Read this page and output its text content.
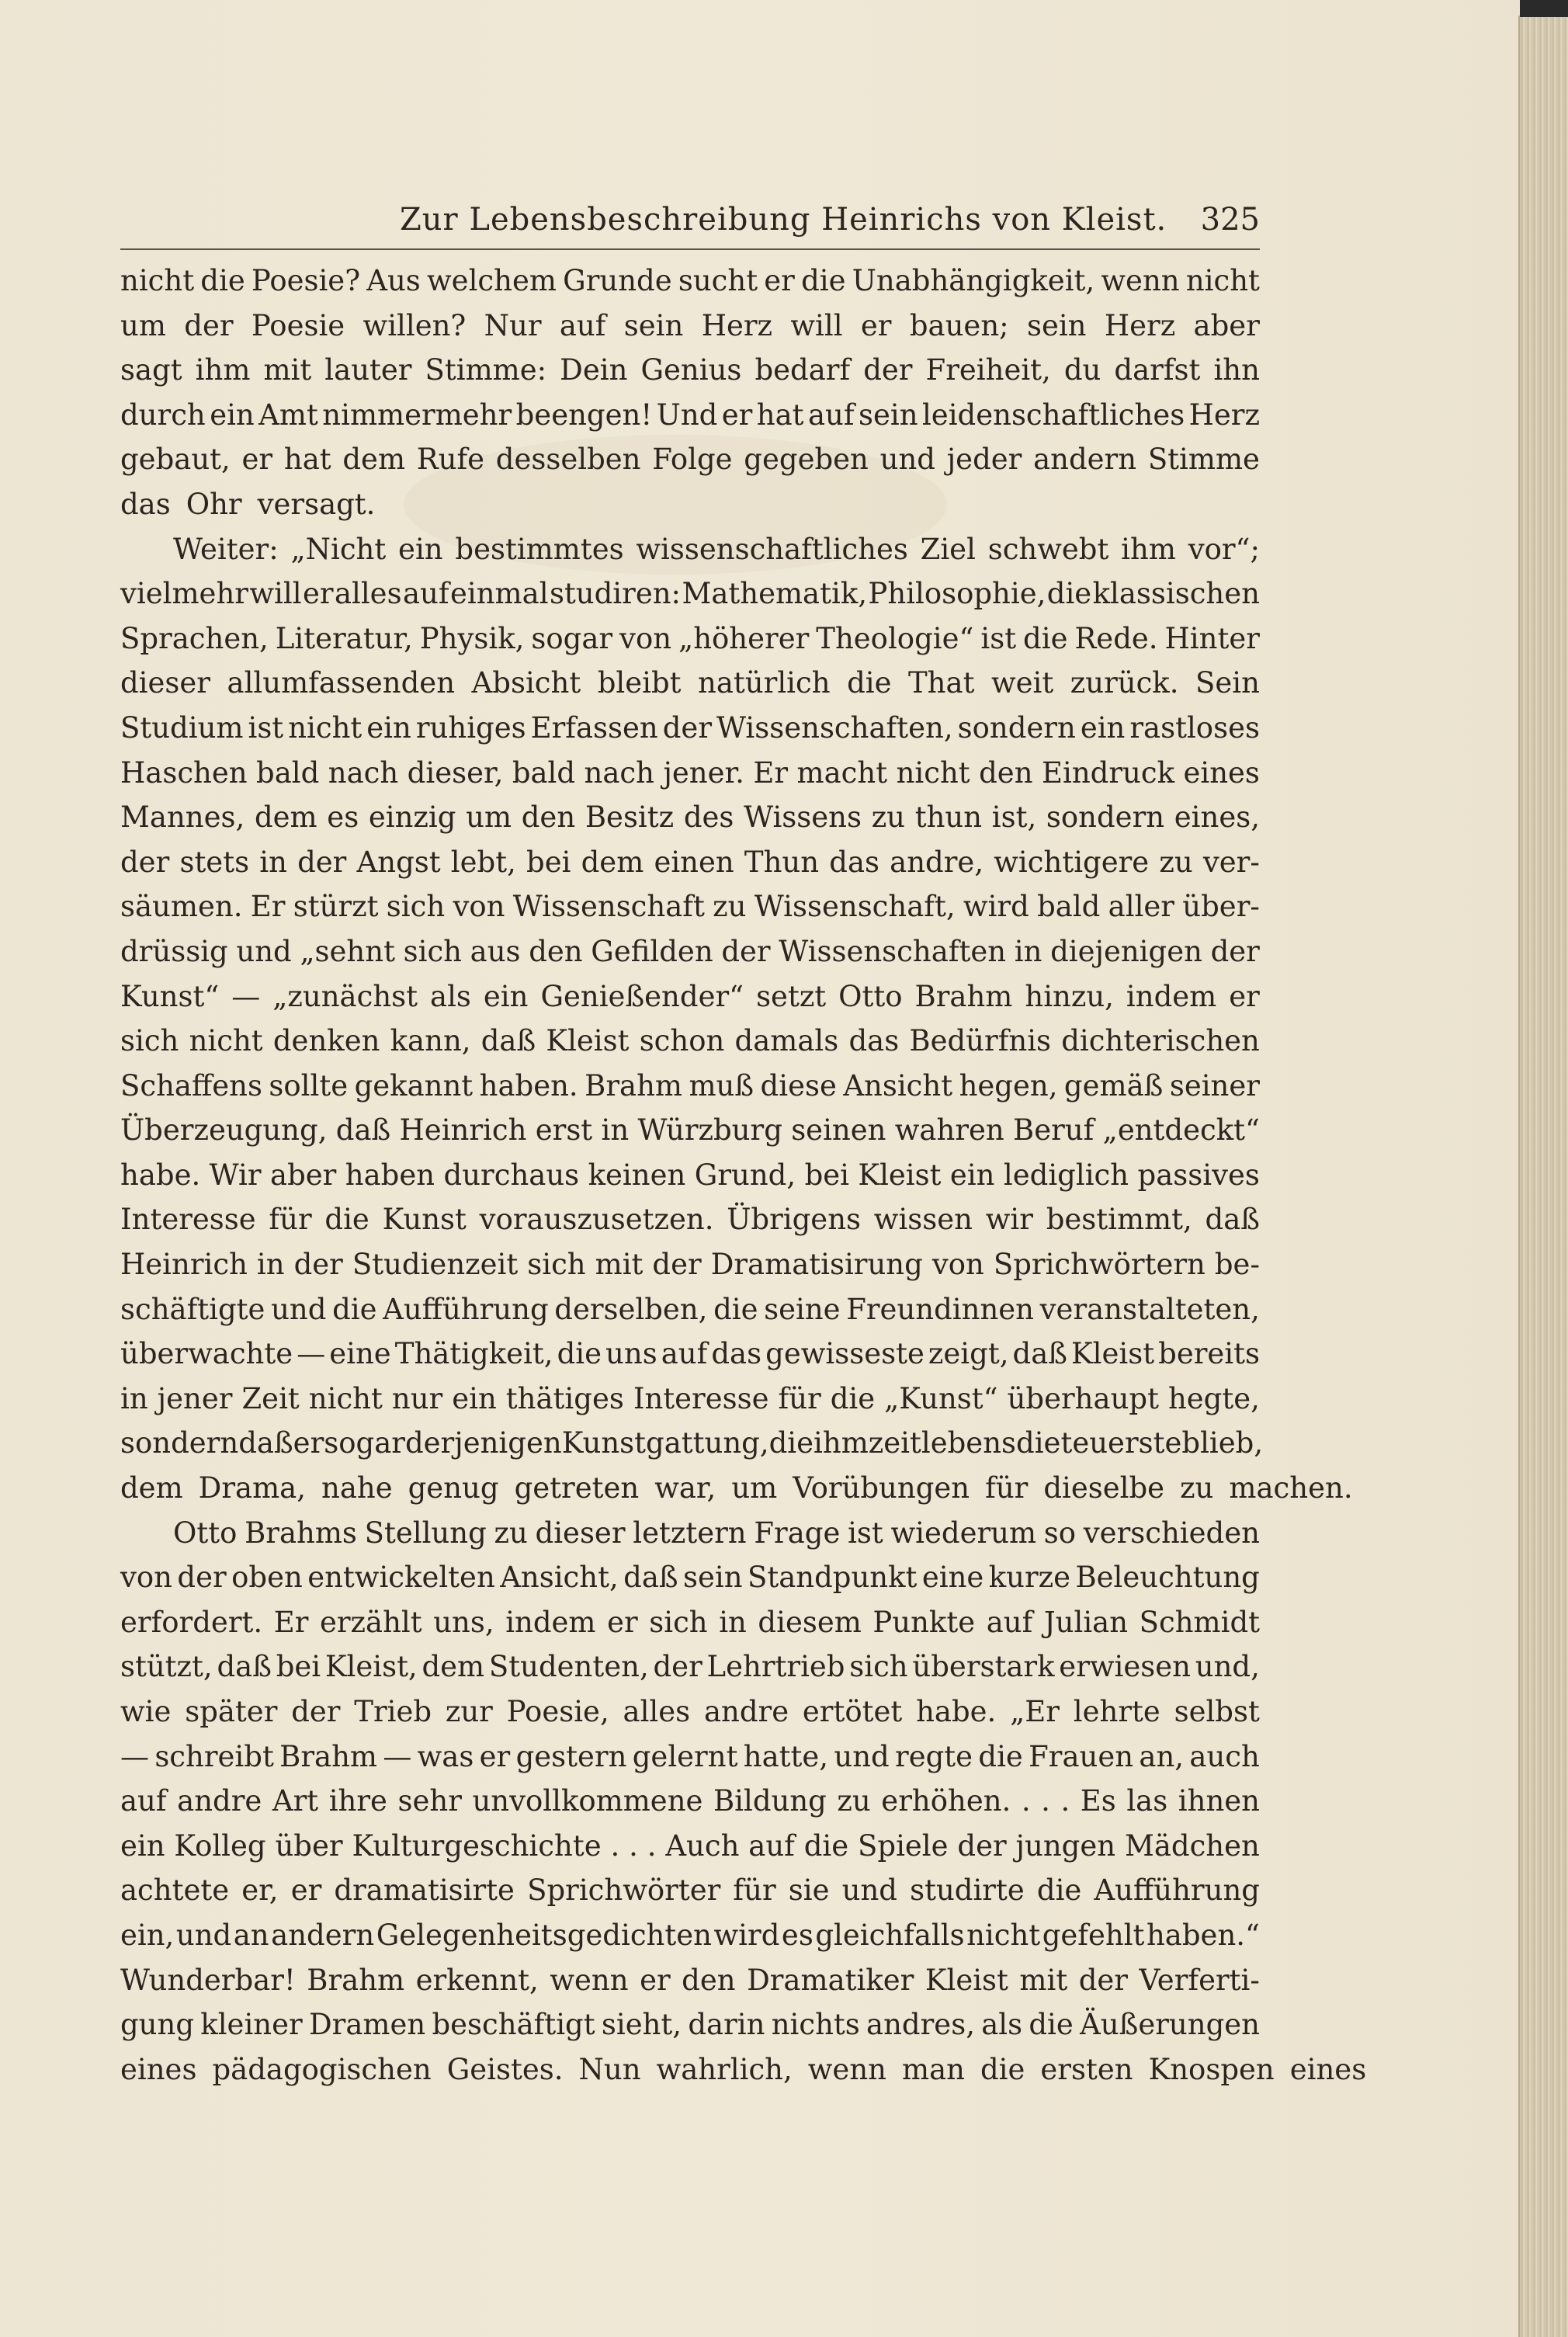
Zur Lebensbeschreibung Heinrichs von Kleist. 325
nicht die Poesie? Aus welchem Grunde sucht er die Unabhängigkeit, wenn nicht
um der Poesie willen? Nur auf sein Herz will er bauen; sein Herz aber
sagt ihm mit lauter Stimme: Dein Genius bedarf der Freiheit, du darfst ihn
durch ein Amt nimmermehr beengen! Und er hat auf sein leidenschaftliches Herz
gebaut, er hat dem Rufe desselben Folge gegeben und jeder andern Stimme
das Ohr versagt.
Weiter: „Nicht ein bestimmtes wissenschaftliches Ziel schwebt ihm vor“;
vielmehr will er alles auf einmal studiren: Mathematik, Philosophie, die klassischen
Sprachen, Literatur, Physik, sogar von „höherer Theologie“ ist die Rede. Hinter
dieser allumfassenden Absicht bleibt natürlich die That weit zurück. Sein
Studium ist nicht ein ruhiges Erfassen der Wissenschaften, sondern ein rastloses
Haschen bald nach dieser, bald nach jener. Er macht nicht den Eindruck eines
Mannes, dem es einzig um den Besitz des Wissens zu thun ist, sondern eines,
der stets in der Angst lebt, bei dem einen Thun das andre, wichtigere zu ver-
säumen. Er stürzt sich von Wissenschaft zu Wissenschaft, wird bald aller über-
drüssig und „sehnt sich aus den Gefilden der Wissenschaften in diejenigen der
Kunst“ — „zunächst als ein Genießender“ setzt Otto Brahm hinzu, indem er
sich nicht denken kann, daß Kleist schon damals das Bedürfnis dichterischen
Schaffens sollte gekannt haben. Brahm muß diese Ansicht hegen, gemäß seiner
Überzeugung, daß Heinrich erst in Würzburg seinen wahren Beruf „entdeckt“
habe. Wir aber haben durchaus keinen Grund, bei Kleist ein lediglich passives
Interesse für die Kunst vorauszusetzen. Übrigens wissen wir bestimmt, daß
Heinrich in der Studienzeit sich mit der Dramatisirung von Sprichwörtern be-
schäftigte und die Aufführung derselben, die seine Freundinnen veranstalteten,
überwachte — eine Thätigkeit, die uns auf das gewisseste zeigt, daß Kleist bereits
in jener Zeit nicht nur ein thätiges Interesse für die „Kunst“ überhaupt hegte,
sondern daß er sogar derjenigen Kunstgattung, die ihm zeitlebens die teuerste blieb,
dem Drama, nahe genug getreten war, um Vorübungen für dieselbe zu machen.
Otto Brahms Stellung zu dieser letztern Frage ist wiederum so verschieden
von der oben entwickelten Ansicht, daß sein Standpunkt eine kurze Beleuchtung
erfordert. Er erzählt uns, indem er sich in diesem Punkte auf Julian Schmidt
stützt, daß bei Kleist, dem Studenten, der Lehrtrieb sich überstark erwiesen und,
wie später der Trieb zur Poesie, alles andre ertötet habe. „Er lehrte selbst
— schreibt Brahm — was er gestern gelernt hatte, und regte die Frauen an, auch
auf andre Art ihre sehr unvollkommene Bildung zu erhöhen. . . . Es las ihnen
ein Kolleg über Kulturgeschichte . . . Auch auf die Spiele der jungen Mädchen
achtete er, er dramatisirte Sprichwörter für sie und studirte die Aufführung
ein, und an andern Gelegenheitsgedichten wird es gleichfalls nicht gefehlt haben.“
Wunderbar! Brahm erkennt, wenn er den Dramatiker Kleist mit der Verferti-
gung kleiner Dramen beschäftigt sieht, darin nichts andres, als die Äußerungen
eines pädagogischen Geistes. Nun wahrlich, wenn man die ersten Knospen eines
